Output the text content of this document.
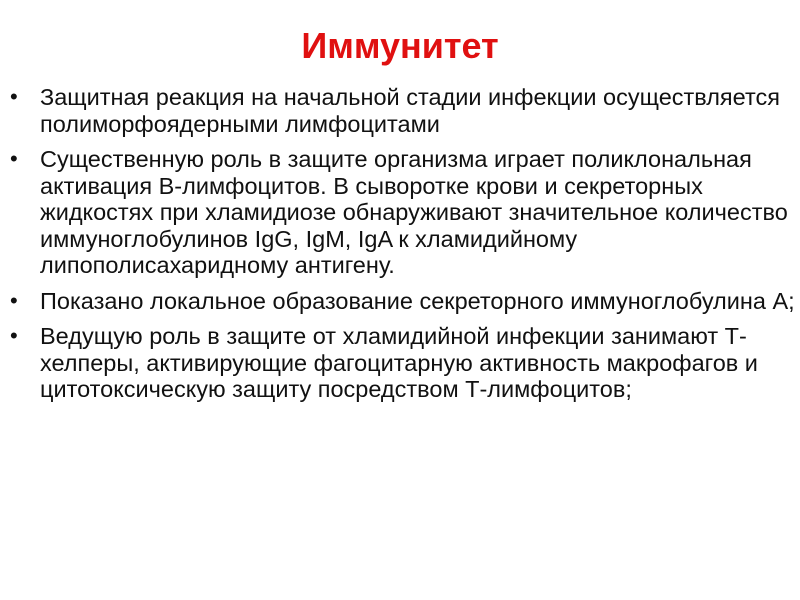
Иммунитет
• Защитная реакция на начальной стадии инфекции осуществляется полиморфоядерными лимфоцитами
• Существенную роль в защите организма играет поликлональная активация В-лимфоцитов. В сыворотке крови и секреторных жидкостях при хламидиозе обнаруживают значительное количество иммуноглобулинов IgG, IgM, IgA к хламидийному липополисахаридному антигену.
• Показано локальное образование секреторного иммуноглобулина А;
• Ведущую роль в защите от хламидийной инфекции занимают Т-хелперы, активирующие фагоцитарную активность макрофагов и цитотоксическую защиту посредством Т-лимфоцитов;
